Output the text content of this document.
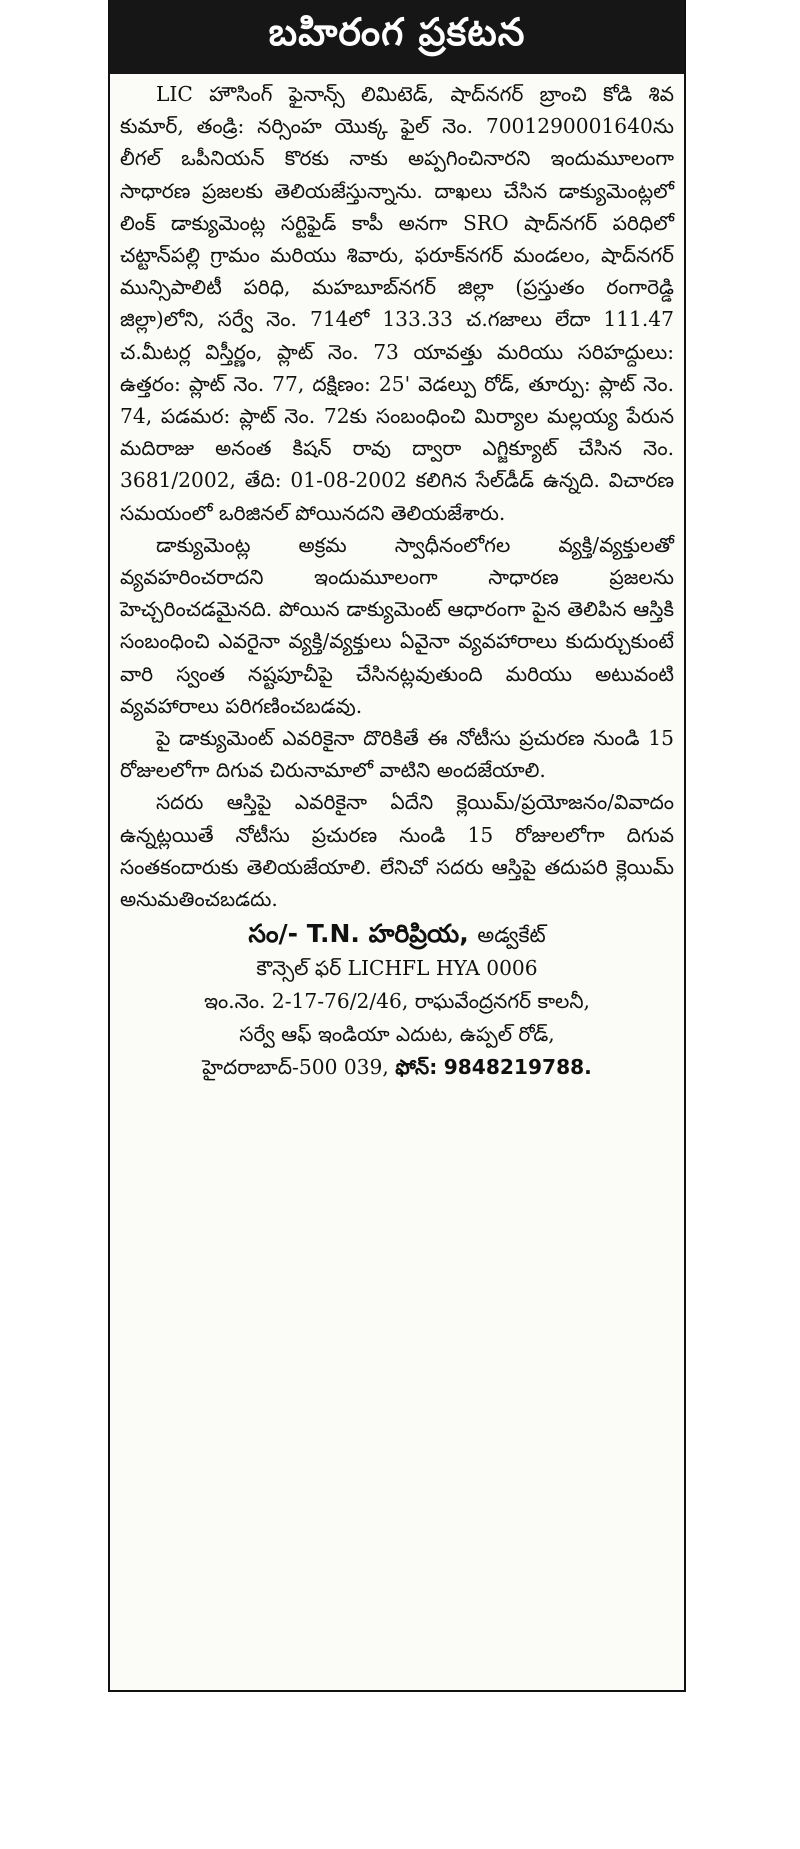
బహిరంగ ప్రకటన

LIC హౌసింగ్ ఫైనాన్స్ లిమిటెడ్, షాద్‌నగర్ బ్రాంచి కోడి శివ కుమార్, తండ్రి: నర్సింహ యొక్క ఫైల్ నెం. 7001290001640ను లీగల్ ఒపీనియన్ కొరకు నాకు అప్పగించినారని ఇందుమూలంగా సాధారణ ప్రజలకు తెలియజేస్తున్నాను. దాఖలు చేసిన డాక్యుమెంట్లలో లింక్ డాక్యుమెంట్ల సర్టిఫైడ్ కాపీ అనగా SRO షాద్‌నగర్ పరిధిలో చట్టాన్‌పల్లి గ్రామం మరియు శివారు, ఫరూక్‌నగర్ మండలం, షాద్‌నగర్ మున్సిపాలిటీ పరిధి, మహబూబ్‌నగర్ జిల్లా (ప్రస్తుతం రంగారెడ్డి జిల్లా)లోని, సర్వే నెం. 714లో 133.33 చ.గజాలు లేదా 111.47 చ.మీటర్ల విస్తీర్ణం, ప్లాట్ నెం. 73 యావత్తు మరియు సరిహద్దులు: ఉత్తరం: ప్లాట్ నెం. 77, దక్షిణం: 25' వెడల్పు రోడ్, తూర్పు: ప్లాట్ నెం. 74, పడమర: ప్లాట్ నెం. 72కు సంబంధించి మిర్యాల మల్లయ్య పేరున మదిరాజు అనంత కిషన్ రావు ద్వారా ఎగ్జిక్యూట్ చేసిన నెం. 3681/2002, తేది: 01-08-2002 కలిగిన సేల్‌డీడ్ ఉన్నది. విచారణ సమయంలో ఒరిజినల్ పోయినదని తెలియజేశారు.

డాక్యుమెంట్ల అక్రమ స్వాధీనంలోగల వ్యక్తి/వ్యక్తులతో వ్యవహరించరాదని ఇందుమూలంగా సాధారణ ప్రజలను హెచ్చరించడమైనది. పోయిన డాక్యుమెంట్ ఆధారంగా పైన తెలిపిన ఆస్తికి సంబంధించి ఎవరైనా వ్యక్తి/వ్యక్తులు ఏవైనా వ్యవహారాలు కుదుర్చుకుంటే వారి స్వంత నష్టపూచీపై చేసినట్లవుతుంది మరియు అటువంటి వ్యవహారాలు పరిగణించబడవు.

పై డాక్యుమెంట్ ఎవరికైనా దొరికితే ఈ నోటీసు ప్రచురణ నుండి 15 రోజులలోగా దిగువ చిరునామాలో వాటిని అందజేయాలి.

సదరు ఆస్తిపై ఎవరికైనా ఏదేని క్లెయిమ్/ప్రయోజనం/వివాదం ఉన్నట్లయితే నోటీసు ప్రచురణ నుండి 15 రోజులలోగా దిగువ సంతకందారుకు తెలియజేయాలి. లేనిచో సదరు ఆస్తిపై తదుపరి క్లెయిమ్ అనుమతించబడదు.

సం/- T.N. హరిప్రియ, అడ్వకేట్
కౌన్సెల్ ఫర్ LICHFL HYA 0006
ఇం.నెం. 2-17-76/2/46, రాఘవేంద్రనగర్ కాలనీ,
సర్వే ఆఫ్ ఇండియా ఎదుట, ఉప్పల్ రోడ్,
హైదరాబాద్-500 039, ఫోన్: 9848219788.
